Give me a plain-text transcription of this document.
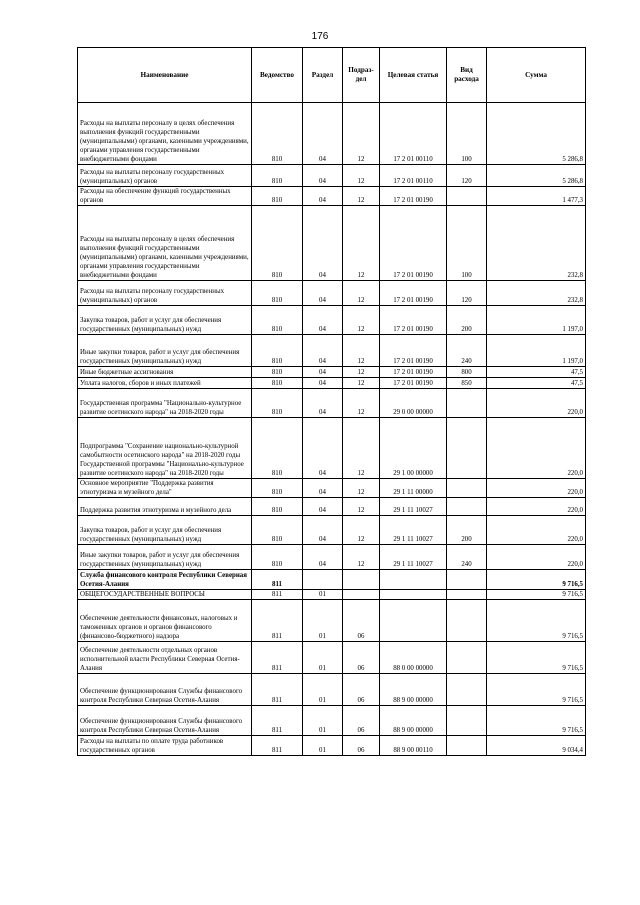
176
Наименование	Ведомство	Раздел	Подраз-дел	Целевая статья	Вид расхода	Сумма
Расходы на выплаты персоналу в целях обеспечения выполнения функций государственными (муниципальными) органами, казенными учреждениями, органами управления государственными внебюджетными фондами	810	04	12	17 2 01 00110	100	5 286,8
Расходы на выплаты персоналу государственных (муниципальных) органов	810	04	12	17 2 01 00110	120	5 286,8
Расходы на обеспечение функций государственных органов	810	04	12	17 2 01 00190		1 477,3
Расходы на выплаты персоналу в целях обеспечения выполнения функций государственными (муниципальными) органами, казенными учреждениями, органами управления государственными внебюджетными фондами	810	04	12	17 2 01 00190	100	232,8
Расходы на выплаты персоналу государственных (муниципальных) органов	810	04	12	17 2 01 00190	120	232,8
Закупка товаров, работ и услуг для обеспечения государственных (муниципальных) нужд	810	04	12	17 2 01 00190	200	1 197,0
Иные закупки товаров, работ и услуг для обеспечения государственных (муниципальных) нужд	810	04	12	17 2 01 00190	240	1 197,0
Иные бюджетные ассигнования	810	04	12	17 2 01 00190	800	47,5
Уплата налогов, сборов и иных платежей	810	04	12	17 2 01 00190	850	47,5
Государственная программа "Национально-культурное развитие осетинского народа" на 2018-2020 годы	810	04	12	29 0 00 00000		220,0
Подпрограмма "Сохранение национально-культурной самобытности осетинского народа" на 2018-2020 годы Государственной программы "Национально-культурное развитие осетинского народа" на 2018-2020 годы	810	04	12	29 1 00 00000		220,0
Основное мероприятие "Поддержка развития этнотуризма и музейного дела"	810	04	12	29 1 11 00000		220,0
Поддержка развития этнотуризма и музейного дела	810	04	12	29 1 11 10027		220,0
Закупка товаров, работ и услуг для обеспечения государственных (муниципальных) нужд	810	04	12	29 1 11 10027	200	220,0
Иные закупки товаров, работ и услуг для обеспечения государственных (муниципальных) нужд	810	04	12	29 1 11 10027	240	220,0
Служба финансового контроля Республики Северная Осетия-Алания	811					9 716,5
ОБЩЕГОСУДАРСТВЕННЫЕ ВОПРОСЫ	811	01				9 716,5
Обеспечение деятельности финансовых, налоговых и таможенных органов и органов финансового (финансово-бюджетного) надзора	811	01	06			9 716,5
Обеспечение деятельности отдельных органов исполнительной власти Республики Северная Осетия-Алания	811	01	06	88 0 00 00000		9 716,5
Обеспечение функционирования Службы финансового контроля Республики Северная Осетия-Алания	811	01	06	88 9 00 00000		9 716,5
Обеспечение функционирования Службы финансового контроля Республики Северная Осетия-Алания	811	01	06	88 9 00 00000		9 716,5
Расходы на выплаты по оплате труда работников государственных органов	811	01	06	88 9 00 00110		9 034,4
